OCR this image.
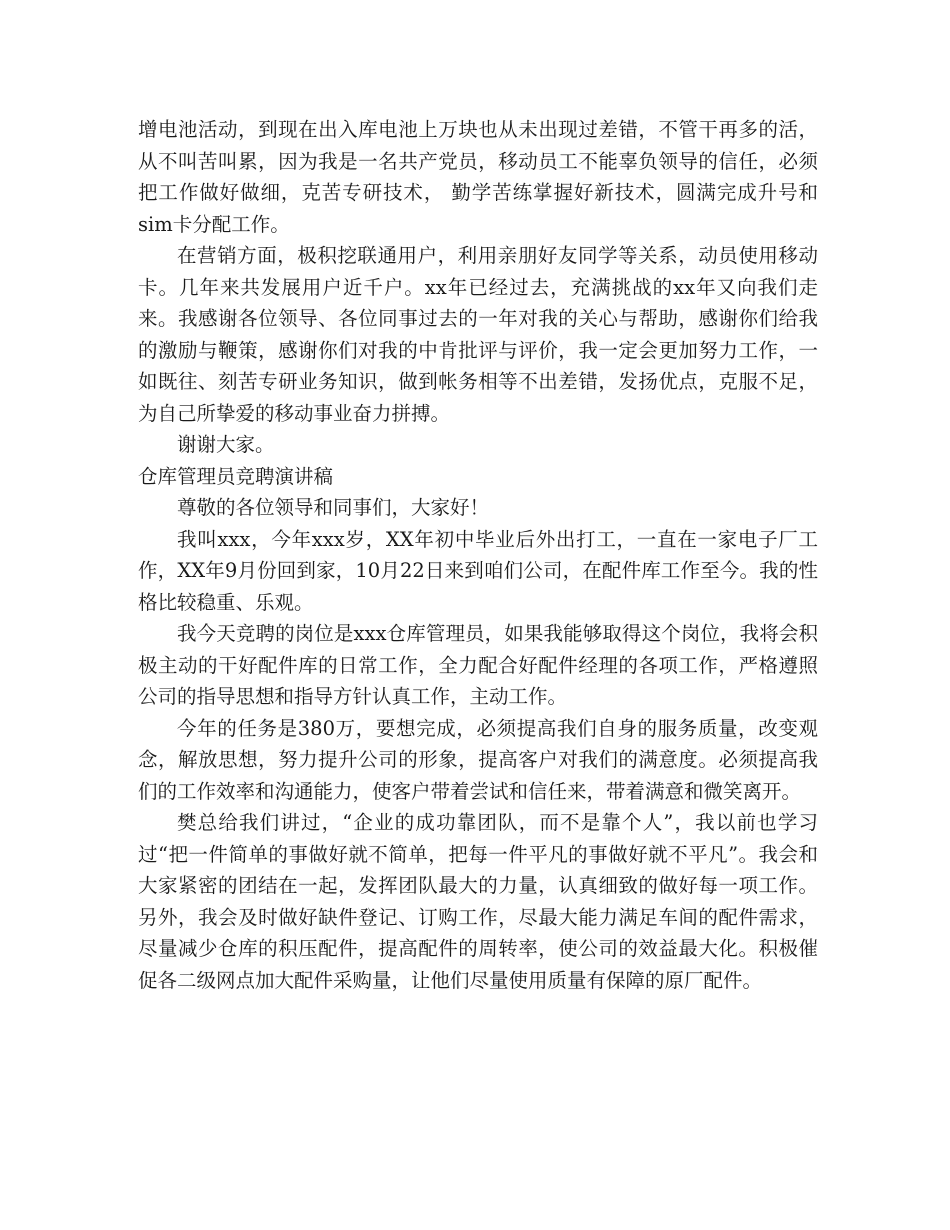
增电池活动，到现在出入库电池上万块也从未出现过差错，不管干再多的活，从不叫苦叫累，因为我是一名共产党员，移动员工不能辜负领导的信任，必须把工作做好做细，克苦专研技术， 勤学苦练掌握好新技术，圆满完成升号和sim卡分配工作。

在营销方面，极积挖联通用户，利用亲朋好友同学等关系，动员使用移动卡。几年来共发展用户近千户。xx年已经过去，充满挑战的xx年又向我们走来。我感谢各位领导、各位同事过去的一年对我的关心与帮助，感谢你们给我的激励与鞭策，感谢你们对我的中肯批评与评价，我一定会更加努力工作，一如既往、刻苦专研业务知识，做到帐务相等不出差错，发扬优点，克服不足，为自己所挚爱的移动事业奋力拼搏。

谢谢大家。

仓库管理员竞聘演讲稿

尊敬的各位领导和同事们，大家好！

我叫xxx，今年xxx岁，XX年初中毕业后外出打工，一直在一家电子厂工作，XX年9月份回到家，10月22日来到咱们公司，在配件库工作至今。我的性格比较稳重、乐观。

我今天竞聘的岗位是xxx仓库管理员，如果我能够取得这个岗位，我将会积极主动的干好配件库的日常工作，全力配合好配件经理的各项工作，严格遵照公司的指导思想和指导方针认真工作，主动工作。

今年的任务是380万，要想完成，必须提高我们自身的服务质量，改变观念，解放思想，努力提升公司的形象，提高客户对我们的满意度。必须提高我们的工作效率和沟通能力，使客户带着尝试和信任来，带着满意和微笑离开。

樊总给我们讲过，“企业的成功靠团队，而不是靠个人”，我以前也学习过“把一件简单的事做好就不简单，把每一件平凡的事做好就不平凡”。我会和大家紧密的团结在一起，发挥团队最大的力量，认真细致的做好每一项工作。另外，我会及时做好缺件登记、订购工作，尽最大能力满足车间的配件需求，尽量减少仓库的积压配件，提高配件的周转率，使公司的效益最大化。积极催促各二级网点加大配件采购量，让他们尽量使用质量有保障的原厂配件。
